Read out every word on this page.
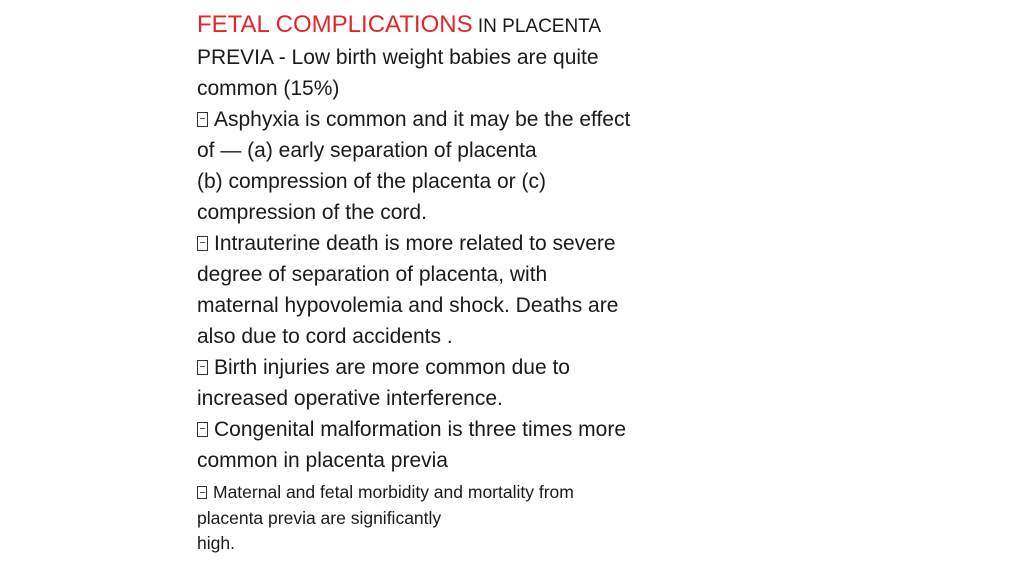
FETAL COMPLICATIONS IN PLACENTA

PREVIA - Low birth weight babies are quite

common (15%)

Asphyxia is common and it may be the effect

of — (a) early separation of placenta

(b) compression of the placenta or (c)

compression of the cord.

Intrauterine death is more related to severe

degree of separation of placenta, with

maternal hypovolemia and shock. Deaths are

also due to cord accidents .

Birth injuries are more common due to

increased operative interference.

Congenital malformation is three times more

common in placenta previa

Maternal and fetal morbidity and mortality from

placenta previa are significantly

high.
